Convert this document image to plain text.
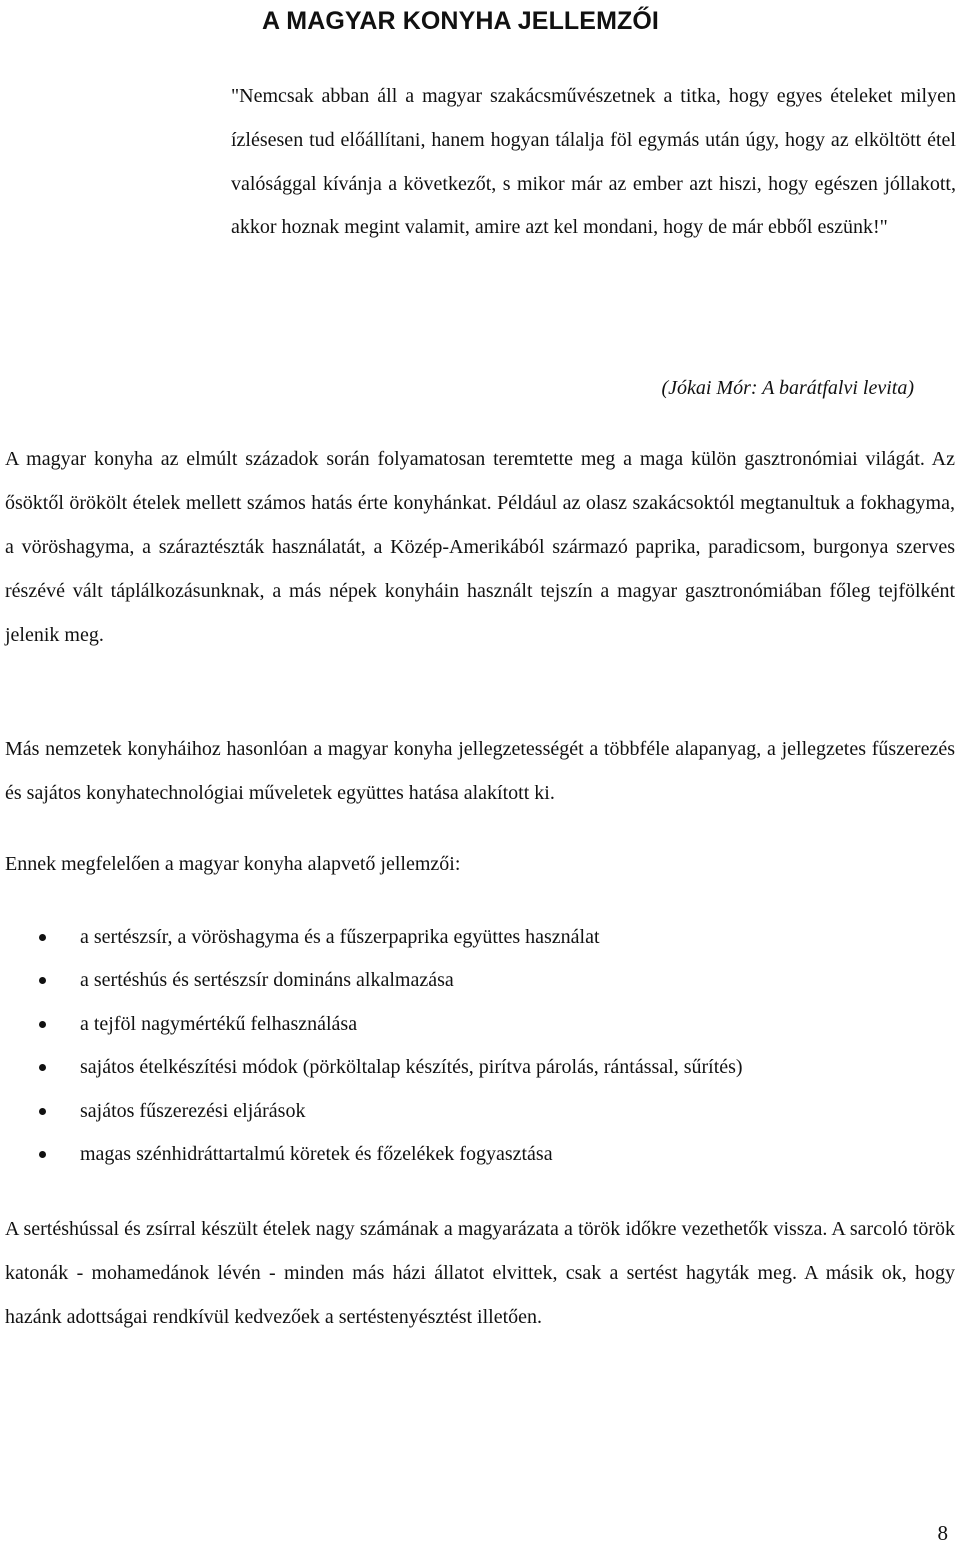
A MAGYAR KONYHA JELLEMZŐI

"Nemcsak abban áll a magyar szakácsművészetnek a titka, hogy egyes ételeket milyen ízlésesen tud előállítani, hanem hogyan tálalja föl egymás után úgy, hogy az elköltött étel valósággal kívánja a következőt, s mikor már az ember azt hiszi, hogy egészen jóllakott, akkor hoznak megint valamit, amire azt kel mondani, hogy de már ebből eszünk!"

(Jókai Mór: A barátfalvi levita)

A magyar konyha az elmúlt századok során folyamatosan teremtette meg a maga külön gasztronómiai világát. Az ősöktől örökölt ételek mellett számos hatás érte konyhánkat. Például az olasz szakácsoktól megtanultuk a fokhagyma, a vöröshagyma, a száraztészták használatát, a Közép-Amerikából származó paprika, paradicsom, burgonya szerves részévé vált táplálkozásunknak, a más népek konyháin használt tejszín a magyar gasztronómiában főleg tejfölként jelenik meg.

Más nemzetek konyháihoz hasonlóan a magyar konyha jellegzetességét a többféle alapanyag, a jellegzetes fűszerezés és sajátos konyhatechnológiai műveletek együttes hatása alakított ki.

Ennek megfelelően a magyar konyha alapvető jellemzői:

a sertészsír, a vöröshagyma és a fűszerpaprika együttes használat
a sertéshús és sertészsír domináns alkalmazása
a tejföl nagymértékű felhasználása
sajátos ételkészítési módok (pörköltalap készítés, pirítva párolás, rántással, sűrítés)
sajátos fűszerezési eljárások
magas szénhidráttartalmú köretek és főzelékek fogyasztása

A sertéshússal és zsírral készült ételek nagy számának a magyarázata a török időkre vezethetők vissza. A sarcoló török katonák - mohamedánok lévén - minden más házi állatot elvittek, csak a sertést hagyták meg. A másik ok, hogy hazánk adottságai rendkívül kedvezőek a sertéstenyésztést illetően.

8
